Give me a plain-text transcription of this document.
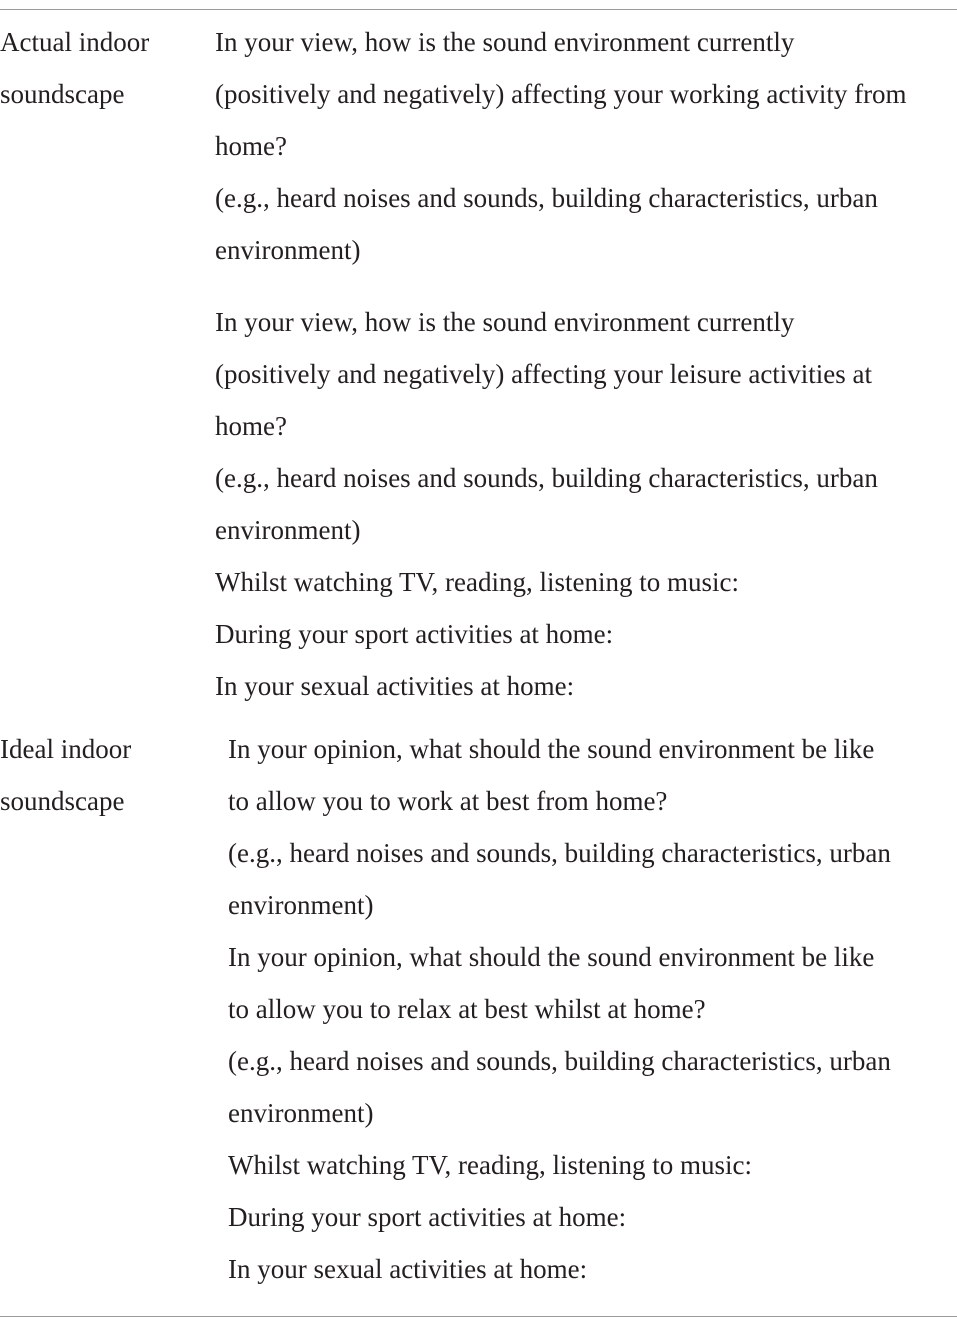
Actual indoor
soundscape
In your view, how is the sound environment currently
(positively and negatively) affecting your working activity from
home?
(e.g., heard noises and sounds, building characteristics, urban
environment)
In your view, how is the sound environment currently
(positively and negatively) affecting your leisure activities at
home?
(e.g., heard noises and sounds, building characteristics, urban
environment)
Whilst watching TV, reading, listening to music:
During your sport activities at home:
In your sexual activities at home:
Ideal indoor
soundscape
In your opinion, what should the sound environment be like
to allow you to work at best from home?
(e.g., heard noises and sounds, building characteristics, urban
environment)
In your opinion, what should the sound environment be like
to allow you to relax at best whilst at home?
(e.g., heard noises and sounds, building characteristics, urban
environment)
Whilst watching TV, reading, listening to music:
During your sport activities at home:
In your sexual activities at home:
